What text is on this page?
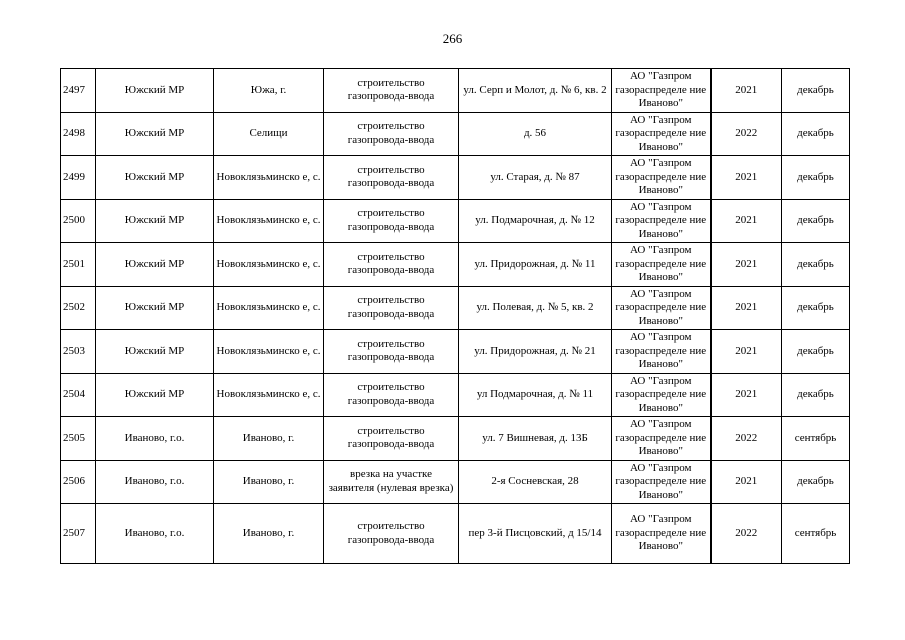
266
2497	Южский МР	Южа, г.	строительство газопровода-ввода	ул. Серп и Молот, д. № 6, кв. 2	АО "Газпром газораспределе ние Иваново"	2021	декабрь
2498	Южский МР	Селищи	строительство газопровода-ввода	д. 56	АО "Газпром газораспределе ние Иваново"	2022	декабрь
2499	Южский МР	Новоклязьминско е, с.	строительство газопровода-ввода	ул. Старая, д. № 87	АО "Газпром газораспределе ние Иваново"	2021	декабрь
2500	Южский МР	Новоклязьминско е, с.	строительство газопровода-ввода	ул. Подмарочная, д. № 12	АО "Газпром газораспределе ние Иваново"	2021	декабрь
2501	Южский МР	Новоклязьминско е, с.	строительство газопровода-ввода	ул. Придорожная, д. № 11	АО "Газпром газораспределе ние Иваново"	2021	декабрь
2502	Южский МР	Новоклязьминско е, с.	строительство газопровода-ввода	ул. Полевая, д. № 5, кв. 2	АО "Газпром газораспределе ние Иваново"	2021	декабрь
2503	Южский МР	Новоклязьминско е, с.	строительство газопровода-ввода	ул. Придорожная, д. № 21	АО "Газпром газораспределе ние Иваново"	2021	декабрь
2504	Южский МР	Новоклязьминско е, с.	строительство газопровода-ввода	ул Подмарочная, д. № 11	АО "Газпром газораспределе ние Иваново"	2021	декабрь
2505	Иваново, г.о.	Иваново, г.	строительство газопровода-ввода	ул. 7 Вишневая, д. 13Б	АО "Газпром газораспределе ние Иваново"	2022	сентябрь
2506	Иваново, г.о.	Иваново, г.	врезка на участке заявителя (нулевая врезка)	2-я Сосневская, 28	АО "Газпром газораспределе ние Иваново"	2021	декабрь
2507	Иваново, г.о.	Иваново, г.	строительство газопровода-ввода	пер 3-й Писцовский, д 15/14	АО "Газпром газораспределе ние Иваново"	2022	сентябрь
